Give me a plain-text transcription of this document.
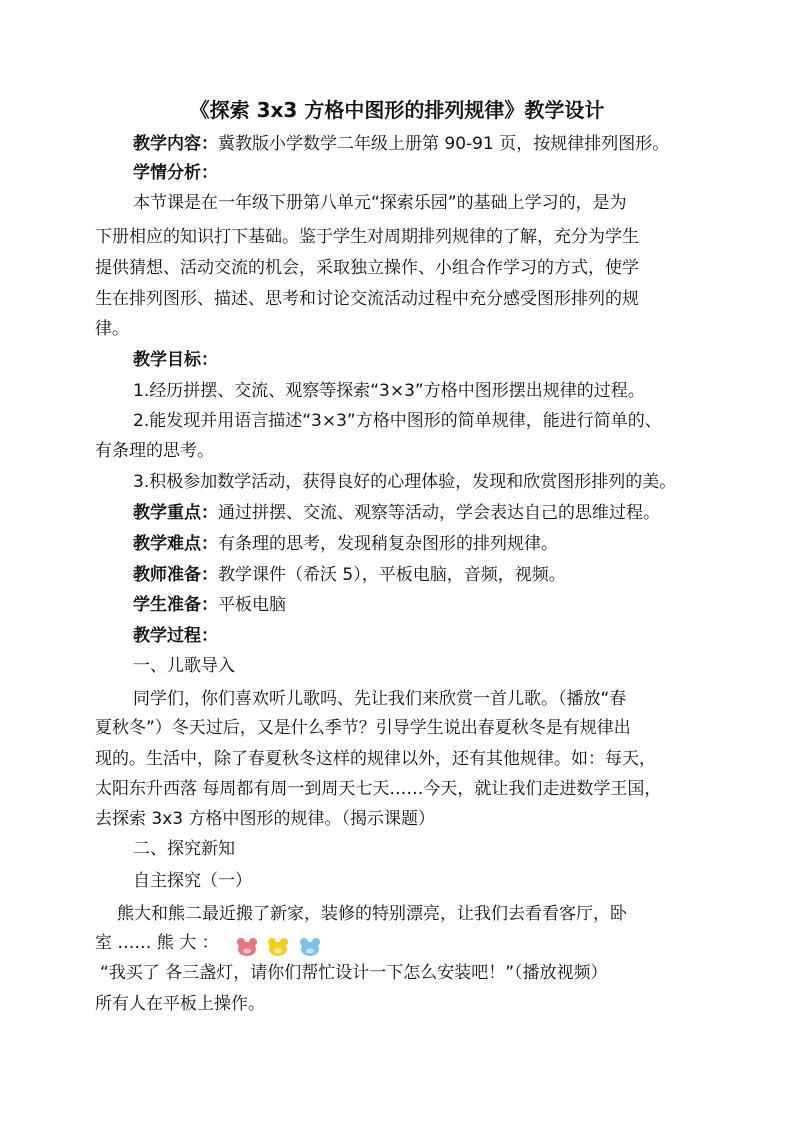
《探索 3x3 方格中图形的排列规律》教学设计
教学内容：冀教版小学数学二年级上册第 90-91 页，按规律排列图形。
学情分析：
本节课是在一年级下册第八单元“探索乐园”的基础上学习的，是为
下册相应的知识打下基础。鉴于学生对周期排列规律的了解，充分为学生
提供猜想、活动交流的机会，采取独立操作、小组合作学习的方式，使学
生在排列图形、描述、思考和讨论交流活动过程中充分感受图形排列的规
律。
教学目标：
1.经历拼摆、交流、观察等探索“3×3”方格中图形摆出规律的过程。
2.能发现并用语言描述“3×3”方格中图形的简单规律，能进行简单的、
有条理的思考。
3.积极参加数学活动，获得良好的心理体验，发现和欣赏图形排列的美。
教学重点：通过拼摆、交流、观察等活动，学会表达自己的思维过程。
教学难点：有条理的思考，发现稍复杂图形的排列规律。
教师准备：教学课件（希沃 5），平板电脑，音频，视频。
学生准备：平板电脑
教学过程：
一、儿歌导入
同学们，你们喜欢听儿歌吗、先让我们来欣赏一首儿歌。（播放“春
夏秋冬”）冬天过后，又是什么季节？引导学生说出春夏秋冬是有规律出
现的。生活中，除了春夏秋冬这样的规律以外，还有其他规律。如：每天，
太阳东升西落 每周都有周一到周天七天……今天，就让我们走进数学王国，
去探索 3x3 方格中图形的规律。（揭示课题）
二、探究新知
自主探究（一）
熊大和熊二最近搬了新家，装修的特别漂亮，让我们去看看客厅，卧
室 …… 熊 大 ：
“我买了 各三盏灯，请你们帮忙设计一下怎么安装吧！”（播放视频）
所有人在平板上操作。
